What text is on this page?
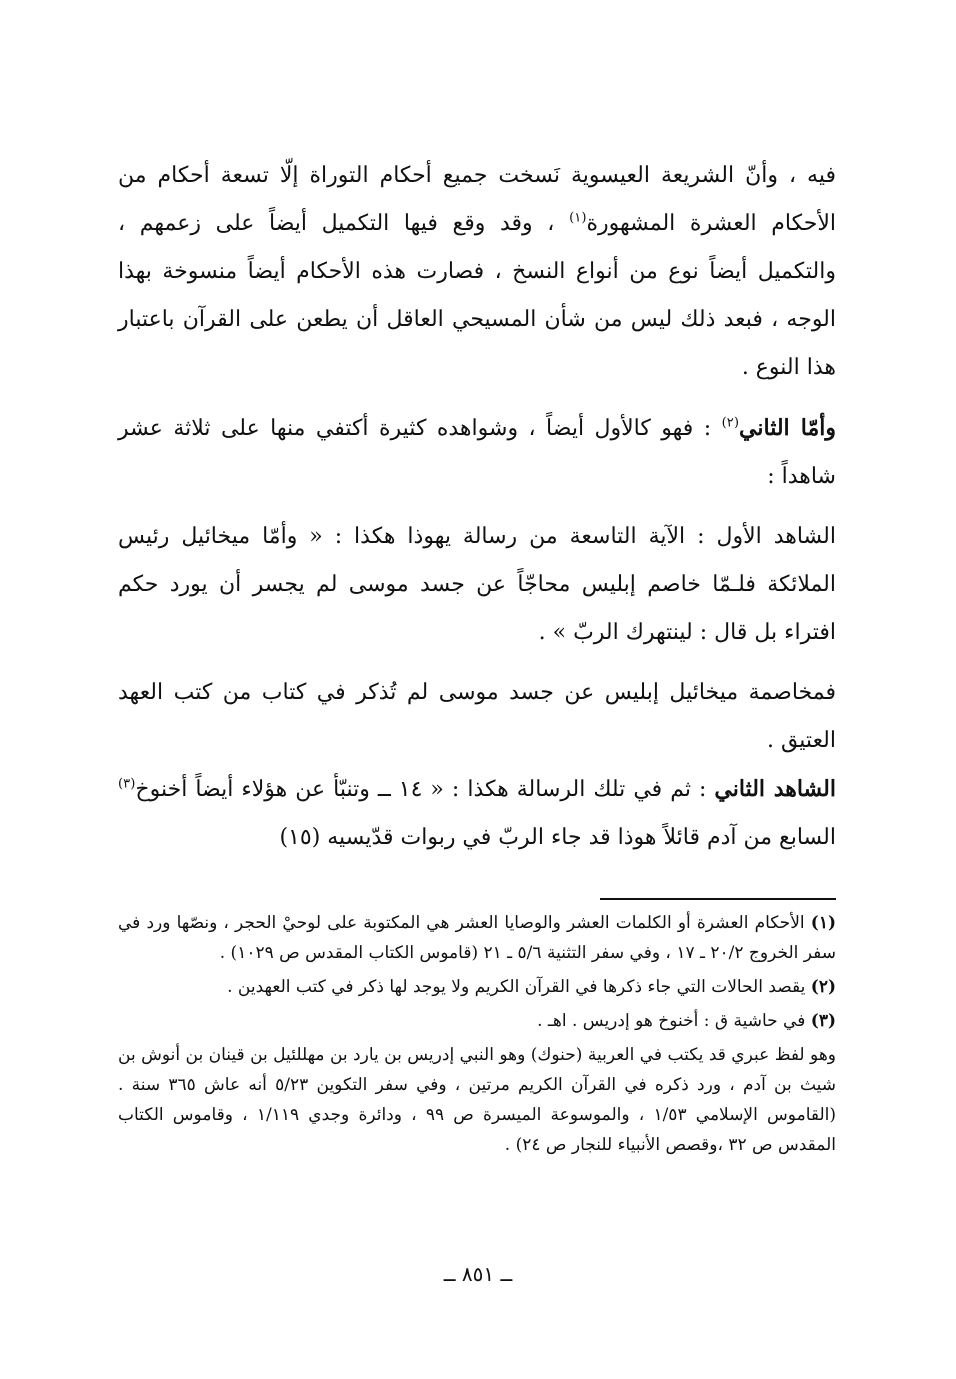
فيه ، وأنّ الشريعة العيسوية نَسخت جميع أحكام التوراة إلّا تسعة أحكام من الأحكام العشرة المشهورة$^{(١)}$ ، وقد وقع فيها التكميل أيضاً على زعمهم ، والتكميل أيضاً نوع من أنواع النسخ ، فصارت هذه الأحكام أيضاً منسوخة بهذا الوجه ، فبعد ذلك ليس من شأن المسيحي العاقل أن يطعن على القرآن باعتبار هذا النوع .

وأمّا الثاني$^{(٢)}$ : فهو كالأول أيضاً ، وشواهده كثيرة أكتفي منها على ثلاثة عشر شاهداً :

الشاهد الأول : الآية التاسعة من رسالة يهوذا هكذا : « وأمّا ميخائيل رئيس الملائكة فلـمّا خاصم إبليس محاجّاً عن جسد موسى لم يجسر أن يورد حكم افتراء بل قال : لينتهرك الربّ » .

فمخاصمة ميخائيل إبليس عن جسد موسى لم تُذكر في كتاب من كتب العهد العتيق .

الشاهد الثاني : ثم في تلك الرسالة هكذا : « ١٤ ــ وتنبّأ عن هؤلاء أيضاً أخنوخ$^{(٣)}$ السابع من آدم قائلاً هوذا قد جاء الربّ في ربوات قدّيسيه (١٥)

(١) الأحكام العشرة أو الكلمات العشر والوصايا العشر هي المكتوبة على لوحيْ الحجر ، ونصّها ورد في سفر الخروج ٢٠/٢ ـ ١٧ ، وفي سفر التثنية ٥/٦ ـ ٢١ (قاموس الكتاب المقدس ص ١٠٢٩) .

(٢) يقصد الحالات التي جاء ذكرها في القرآن الكريم ولا يوجد لها ذكر في كتب العهدين .

(٣) في حاشية ق : أخنوخ هو إدريس . اهـ .

وهو لفظ عبري قد يكتب في العربية (حنوك) وهو النبي إدريس بن يارد بن مهللئيل بن قينان بن أنوش بن شيث بن آدم ، ورد ذكره في القرآن الكريم مرتين ، وفي سفر التكوين ٥/٢٣ أنه عاش ٣٦٥ سنة . (القاموس الإسلامي ١/٥٣ ، والموسوعة الميسرة ص ٩٩ ، ودائرة وجدي ١/١١٩ ، وقاموس الكتاب المقدس ص ٣٢ ،وقصص الأنبياء للنجار ص ٢٤) .

ــ ٨٥١ ــ
